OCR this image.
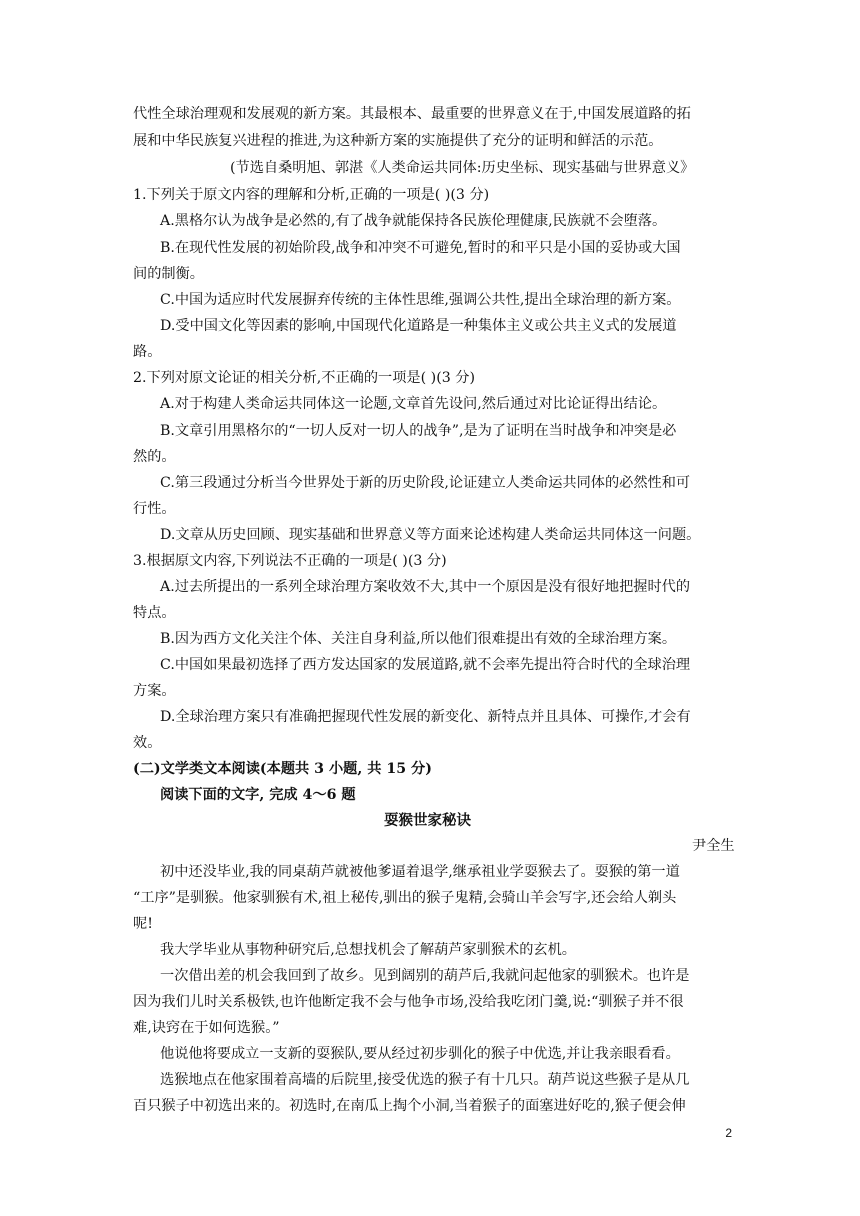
代性全球治理观和发展观的新方案。其最根本、最重要的世界意义在于,中国发展道路的拓
展和中华民族复兴进程的推进,为这种新方案的实施提供了充分的证明和鲜活的示范。
(节选自桑明旭、郭湛《人类命运共同体:历史坐标、现实基础与世界意义》
1.下列关于原文内容的理解和分析,正确的一项是( )(3 分)
A.黑格尔认为战争是必然的,有了战争就能保持各民族伦理健康,民族就不会堕落。
B.在现代性发展的初始阶段,战争和冲突不可避免,暂时的和平只是小国的妥协或大国
间的制衡。
C.中国为适应时代发展摒弃传统的主体性思维,强调公共性,提出全球治理的新方案。
D.受中国文化等因素的影响,中国现代化道路是一种集体主义或公共主义式的发展道
路。
2.下列对原文论证的相关分析,不正确的一项是( )(3 分)
A.对于构建人类命运共同体这一论题,文章首先设问,然后通过对比论证得出结论。
B.文章引用黑格尔的“一切人反对一切人的战争”,是为了证明在当时战争和冲突是必
然的。
C.第三段通过分析当今世界处于新的历史阶段,论证建立人类命运共同体的必然性和可
行性。
D.文章从历史回顾、现实基础和世界意义等方面来论述构建人类命运共同体这一问题。
3.根据原文内容,下列说法不正确的一项是( )(3 分)
A.过去所提出的一系列全球治理方案收效不大,其中一个原因是没有很好地把握时代的
特点。
B.因为西方文化关注个体、关注自身利益,所以他们很难提出有效的全球治理方案。
C.中国如果最初选择了西方发达国家的发展道路,就不会率先提出符合时代的全球治理
方案。
D.全球治理方案只有准确把握现代性发展的新变化、新特点并且具体、可操作,才会有
效。
(二)文学类文本阅读(本题共 3 小题, 共 15 分)
阅读下面的文字, 完成 4～6 题
耍猴世家秘诀
尹全生
初中还没毕业,我的同桌葫芦就被他爹逼着退学,继承祖业学耍猴去了。耍猴的第一道
“工序”是驯猴。他家驯猴有术,祖上秘传,驯出的猴子鬼精,会骑山羊会写字,还会给人剃头
呢!
我大学毕业从事物种研究后,总想找机会了解葫芦家驯猴术的玄机。
一次借出差的机会我回到了故乡。见到阔别的葫芦后,我就问起他家的驯猴术。也许是
因为我们儿时关系极铁,也许他断定我不会与他争市场,没给我吃闭门羹,说:“驯猴子并不很
难,诀窍在于如何选猴。”
他说他将要成立一支新的耍猴队,要从经过初步驯化的猴子中优选,并让我亲眼看看。
选猴地点在他家围着高墙的后院里,接受优选的猴子有十几只。葫芦说这些猴子是从几
百只猴子中初选出来的。初选时,在南瓜上掏个小洞,当着猴子的面塞进好吃的,猴子便会伸
2
